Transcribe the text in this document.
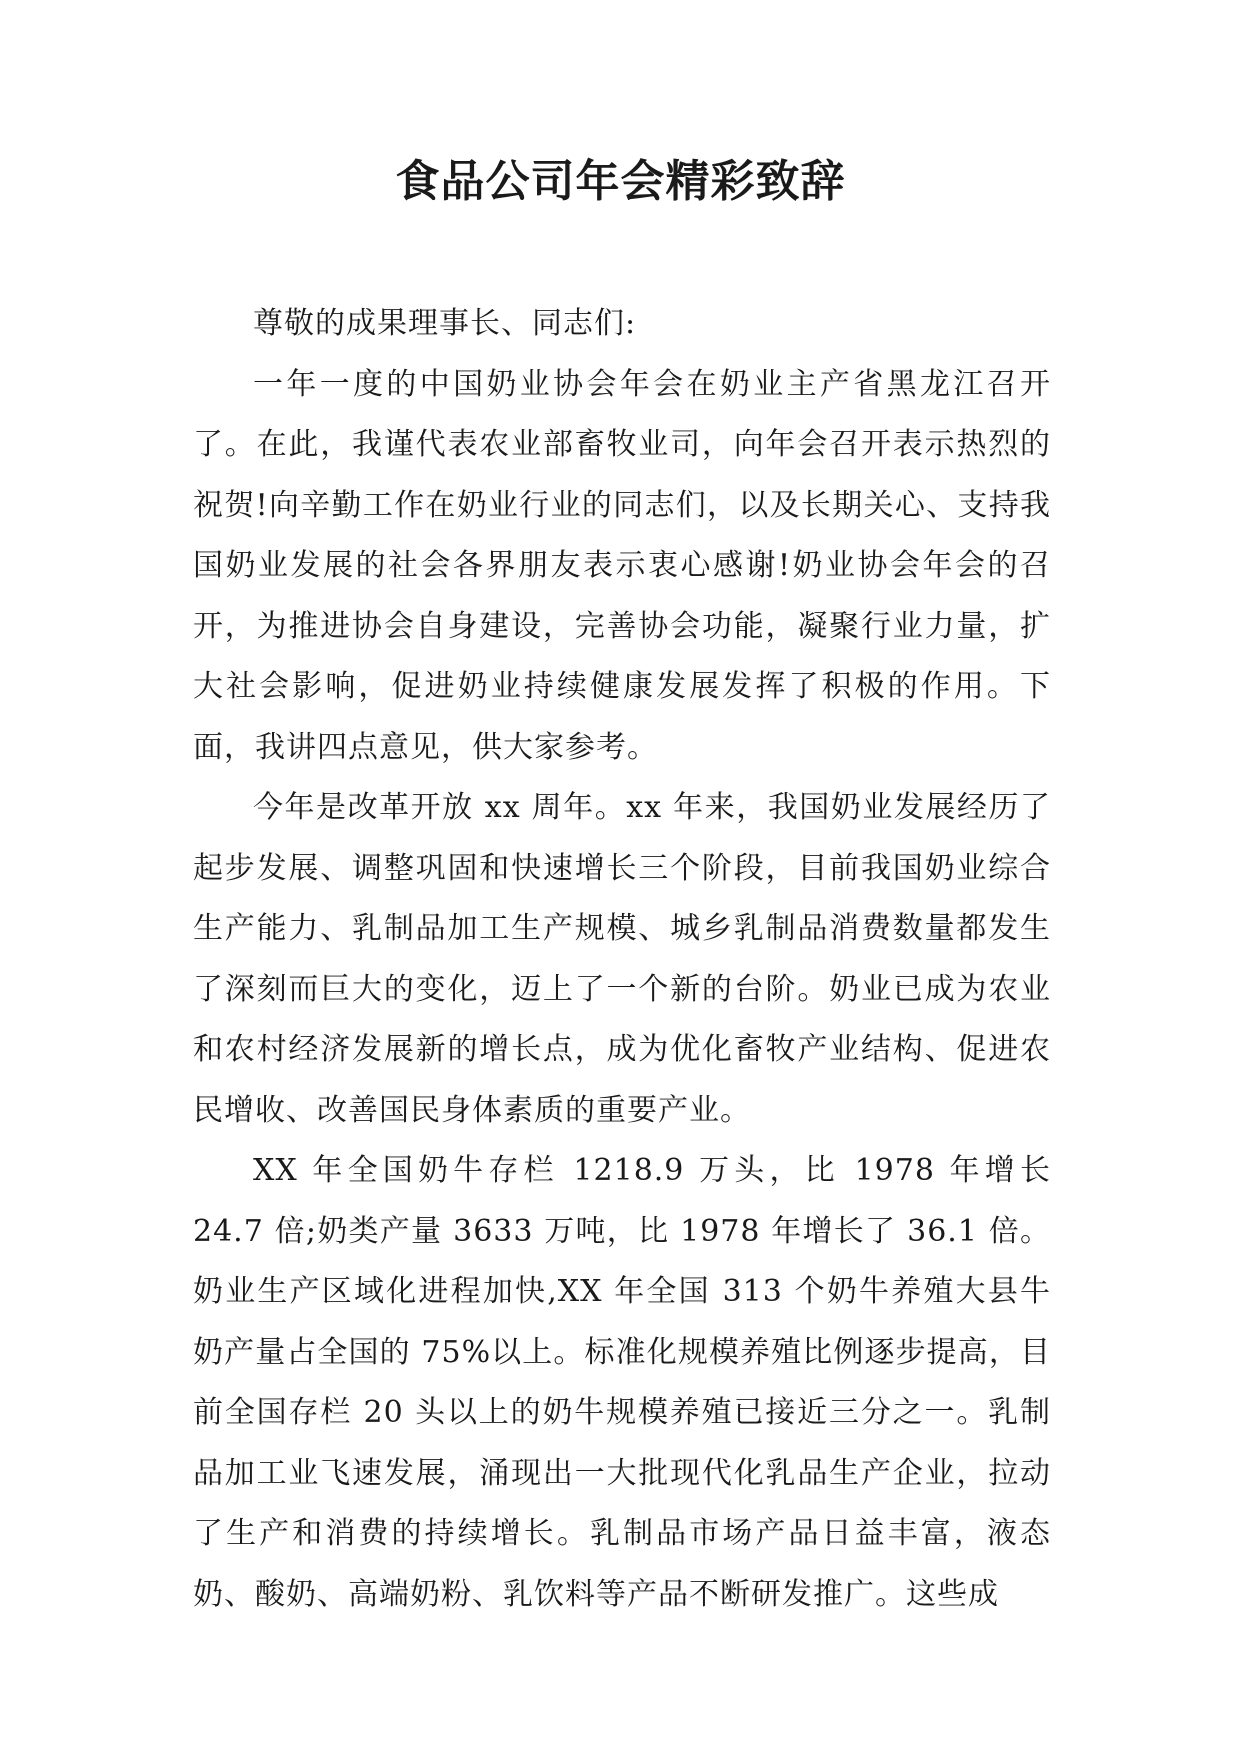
食品公司年会精彩致辞

尊敬的成果理事长、同志们:

一年一度的中国奶业协会年会在奶业主产省黑龙江召开了。在此，我谨代表农业部畜牧业司，向年会召开表示热烈的祝贺!向辛勤工作在奶业行业的同志们，以及长期关心、支持我国奶业发展的社会各界朋友表示衷心感谢!奶业协会年会的召开，为推进协会自身建设，完善协会功能，凝聚行业力量，扩大社会影响，促进奶业持续健康发展发挥了积极的作用。下面，我讲四点意见，供大家参考。

今年是改革开放 xx 周年。xx 年来，我国奶业发展经历了起步发展、调整巩固和快速增长三个阶段，目前我国奶业综合生产能力、乳制品加工生产规模、城乡乳制品消费数量都发生了深刻而巨大的变化，迈上了一个新的台阶。奶业已成为农业和农村经济发展新的增长点，成为优化畜牧产业结构、促进农民增收、改善国民身体素质的重要产业。

XX 年全国奶牛存栏 1218.9 万头，比 1978 年增长 24.7 倍;奶类产量 3633 万吨，比 1978 年增长了 36.1 倍。奶业生产区域化进程加快,XX 年全国 313 个奶牛养殖大县牛奶产量占全国的 75%以上。标准化规模养殖比例逐步提高，目前全国存栏 20 头以上的奶牛规模养殖已接近三分之一。乳制品加工业飞速发展，涌现出一大批现代化乳品生产企业，拉动了生产和消费的持续增长。乳制品市场产品日益丰富，液态奶、酸奶、高端奶粉、乳饮料等产品不断研发推广。这些成
